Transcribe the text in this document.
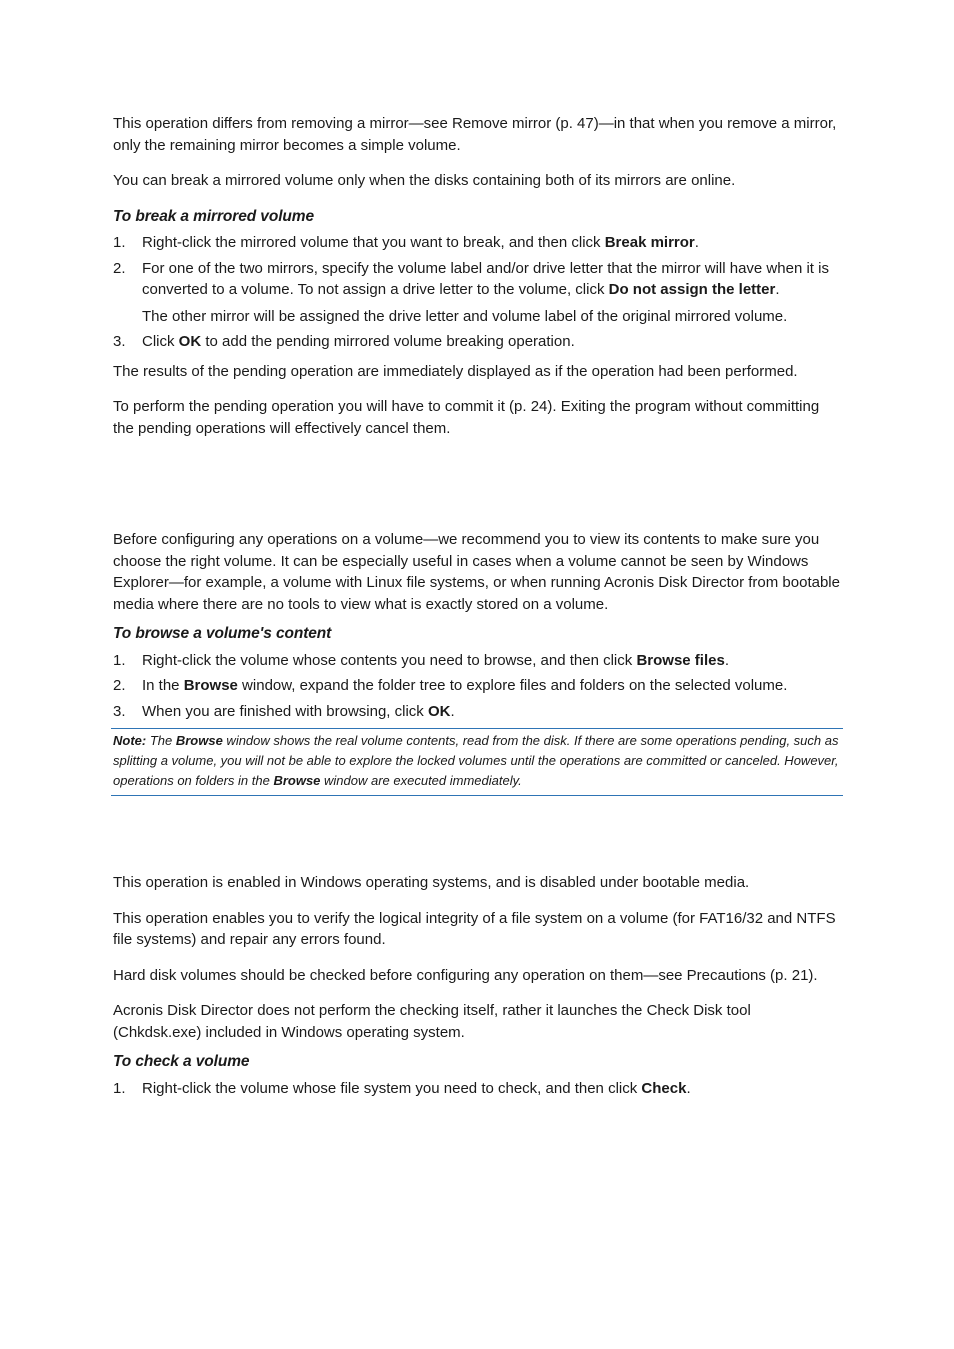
This operation differs from removing a mirror—see Remove mirror (p. 47)—in that when you remove a mirror, only the remaining mirror becomes a simple volume.

You can break a mirrored volume only when the disks containing both of its mirrors are online.

To break a mirrored volume

1. Right-click the mirrored volume that you want to break, and then click Break mirror.
2. For one of the two mirrors, specify the volume label and/or drive letter that the mirror will have when it is converted to a volume. To not assign a drive letter to the volume, click Do not assign the letter.

The other mirror will be assigned the drive letter and volume label of the original mirrored volume.

3. Click OK to add the pending mirrored volume breaking operation.

The results of the pending operation are immediately displayed as if the operation had been performed.

To perform the pending operation you will have to commit it (p. 24). Exiting the program without committing the pending operations will effectively cancel them.

Before configuring any operations on a volume—we recommend you to view its contents to make sure you choose the right volume. It can be especially useful in cases when a volume cannot be seen by Windows Explorer—for example, a volume with Linux file systems, or when running Acronis Disk Director from bootable media where there are no tools to view what is exactly stored on a volume.

To browse a volume's content

1. Right-click the volume whose contents you need to browse, and then click Browse files.
2. In the Browse window, expand the folder tree to explore files and folders on the selected volume.
3. When you are finished with browsing, click OK.
Note: The Browse window shows the real volume contents, read from the disk. If there are some operations pending, such as splitting a volume, you will not be able to explore the locked volumes until the operations are committed or canceled. However, operations on folders in the Browse window are executed immediately.

This operation is enabled in Windows operating systems, and is disabled under bootable media.

This operation enables you to verify the logical integrity of a file system on a volume (for FAT16/32 and NTFS file systems) and repair any errors found.

Hard disk volumes should be checked before configuring any operation on them—see Precautions (p. 21).

Acronis Disk Director does not perform the checking itself, rather it launches the Check Disk tool (Chkdsk.exe) included in Windows operating system.

To check a volume

1. Right-click the volume whose file system you need to check, and then click Check.
